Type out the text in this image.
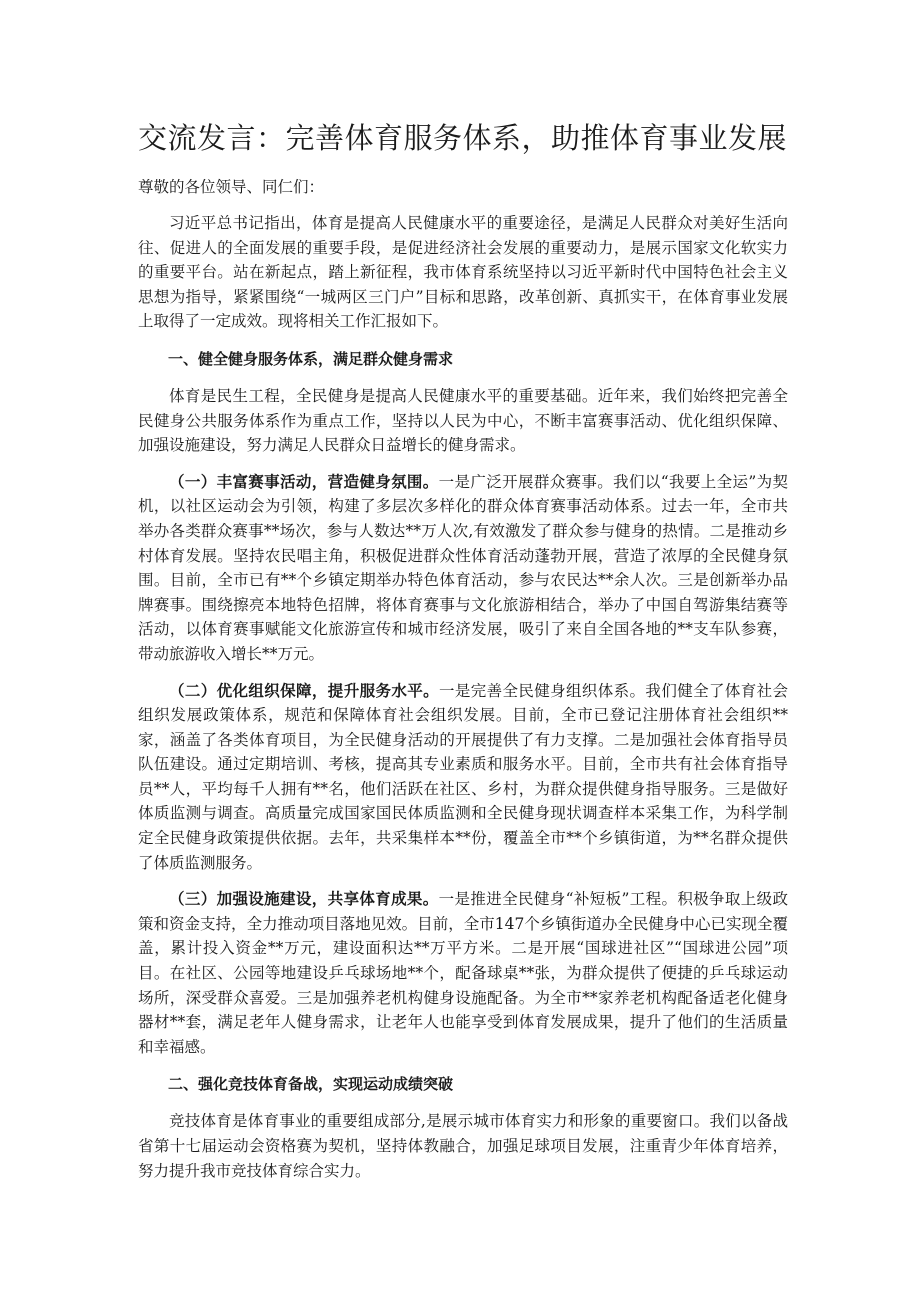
交流发言：完善体育服务体系，助推体育事业发展
尊敬的各位领导、同仁们：

习近平总书记指出，体育是提高人民健康水平的重要途径，是满足人民群众对美好生活向往、促进人的全面发展的重要手段，是促进经济社会发展的重要动力，是展示国家文化软实力的重要平台。站在新起点，踏上新征程，我市体育系统坚持以习近平新时代中国特色社会主义思想为指导，紧紧围绕“一城两区三门户”目标和思路，改革创新、真抓实干，在体育事业发展上取得了一定成效。现将相关工作汇报如下。

一、健全健身服务体系，满足群众健身需求

体育是民生工程，全民健身是提高人民健康水平的重要基础。近年来，我们始终把完善全民健身公共服务体系作为重点工作，坚持以人民为中心，不断丰富赛事活动、优化组织保障、加强设施建设，努力满足人民群众日益增长的健身需求。

（一）丰富赛事活动，营造健身氛围。一是广泛开展群众赛事。我们以“我要上全运”为契机，以社区运动会为引领，构建了多层次多样化的群众体育赛事活动体系。过去一年，全市共举办各类群众赛事**场次，参与人数达**万人次,有效激发了群众参与健身的热情。二是推动乡村体育发展。坚持农民唱主角，积极促进群众性体育活动蓬勃开展，营造了浓厚的全民健身氛围。目前，全市已有**个乡镇定期举办特色体育活动，参与农民达**余人次。三是创新举办品牌赛事。围绕擦亮本地特色招牌，将体育赛事与文化旅游相结合，举办了中国自驾游集结赛等活动，以体育赛事赋能文化旅游宣传和城市经济发展，吸引了来自全国各地的**支车队参赛，带动旅游收入增长**万元。

（二）优化组织保障，提升服务水平。一是完善全民健身组织体系。我们健全了体育社会组织发展政策体系，规范和保障体育社会组织发展。目前，全市已登记注册体育社会组织**家，涵盖了各类体育项目，为全民健身活动的开展提供了有力支撑。二是加强社会体育指导员队伍建设。通过定期培训、考核，提高其专业素质和服务水平。目前，全市共有社会体育指导员**人，平均每千人拥有**名，他们活跃在社区、乡村，为群众提供健身指导服务。三是做好体质监测与调查。高质量完成国家国民体质监测和全民健身现状调查样本采集工作，为科学制定全民健身政策提供依据。去年，共采集样本**份，覆盖全市**个乡镇街道，为**名群众提供了体质监测服务。

（三）加强设施建设，共享体育成果。一是推进全民健身“补短板”工程。积极争取上级政策和资金支持，全力推动项目落地见效。目前，全市147个乡镇街道办全民健身中心已实现全覆盖，累计投入资金**万元，建设面积达**万平方米。二是开展“国球进社区”“国球进公园”项目。在社区、公园等地建设乒乓球场地**个，配备球桌**张，为群众提供了便捷的乒乓球运动场所，深受群众喜爱。三是加强养老机构健身设施配备。为全市**家养老机构配备适老化健身器材**套，满足老年人健身需求，让老年人也能享受到体育发展成果，提升了他们的生活质量和幸福感。

二、强化竞技体育备战，实现运动成绩突破

竞技体育是体育事业的重要组成部分,是展示城市体育实力和形象的重要窗口。我们以备战省第十七届运动会资格赛为契机，坚持体教融合，加强足球项目发展，注重青少年体育培养，努力提升我市竞技体育综合实力。
